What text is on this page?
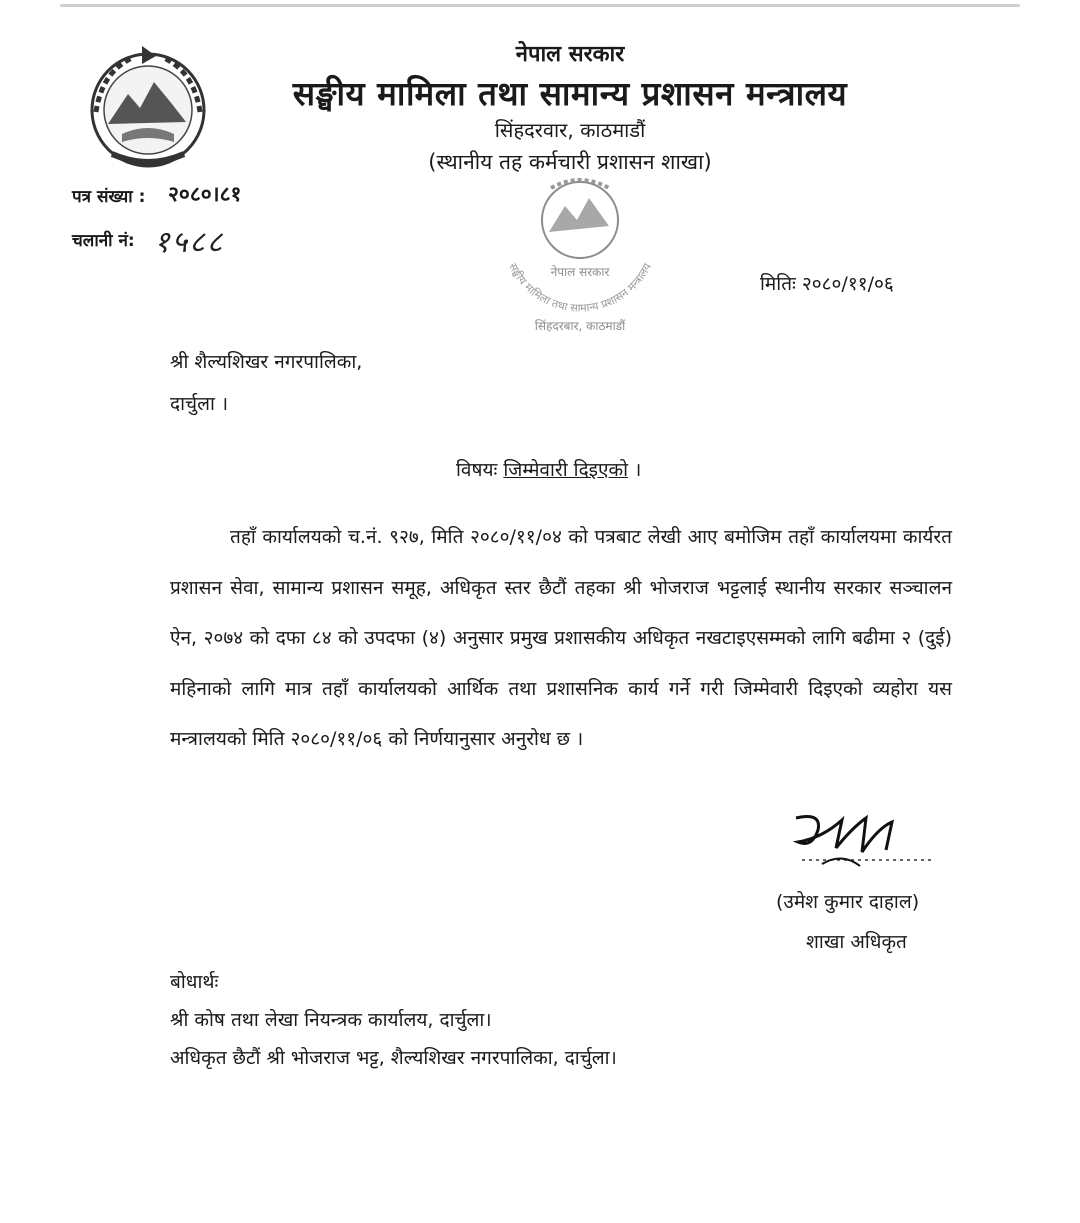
नेपाल सरकार
सङ्घीय मामिला तथा सामान्य प्रशासन मन्त्रालय
सिंहदरवार, काठमाडौं
(स्थानीय तह कर्मचारी प्रशासन शाखा)
पत्र संख्या : २०८०।८१
चलानी नं: १५८८
नेपाल सरकार
सङ्घीय मामिला तथा सामान्य प्रशासन मन्त्रालय
सिंहदरबार, काठमाडौं
मितिः २०८०/११/०६
श्री शैल्यशिखर नगरपालिका,
दार्चुला ।
विषयः जिम्मेवारी दिइएको ।
तहाँ कार्यालयको च.नं. ९२७, मिति २०८०/११/०४ को पत्रबाट लेखी आए बमोजिम तहाँ कार्यालयमा कार्यरत प्रशासन सेवा, सामान्य प्रशासन समूह, अधिकृत स्तर छैटौं तहका श्री भोजराज भट्टलाई स्थानीय सरकार सञ्चालन ऐन, २०७४ को दफा ८४ को उपदफा (४) अनुसार प्रमुख प्रशासकीय अधिकृत नखटाइएसम्मको लागि बढीमा २ (दुई) महिनाको लागि मात्र तहाँ कार्यालयको आर्थिक तथा प्रशासनिक कार्य गर्ने गरी जिम्मेवारी दिइएको व्यहोरा यस मन्त्रालयको मिति २०८०/११/०६ को निर्णयानुसार अनुरोध छ ।
(उमेश कुमार दाहाल)
शाखा अधिकृत
बोधार्थः
श्री कोष तथा लेखा नियन्त्रक कार्यालय, दार्चुला।
अधिकृत छैटौं श्री भोजराज भट्ट, शैल्यशिखर नगरपालिका, दार्चुला।
